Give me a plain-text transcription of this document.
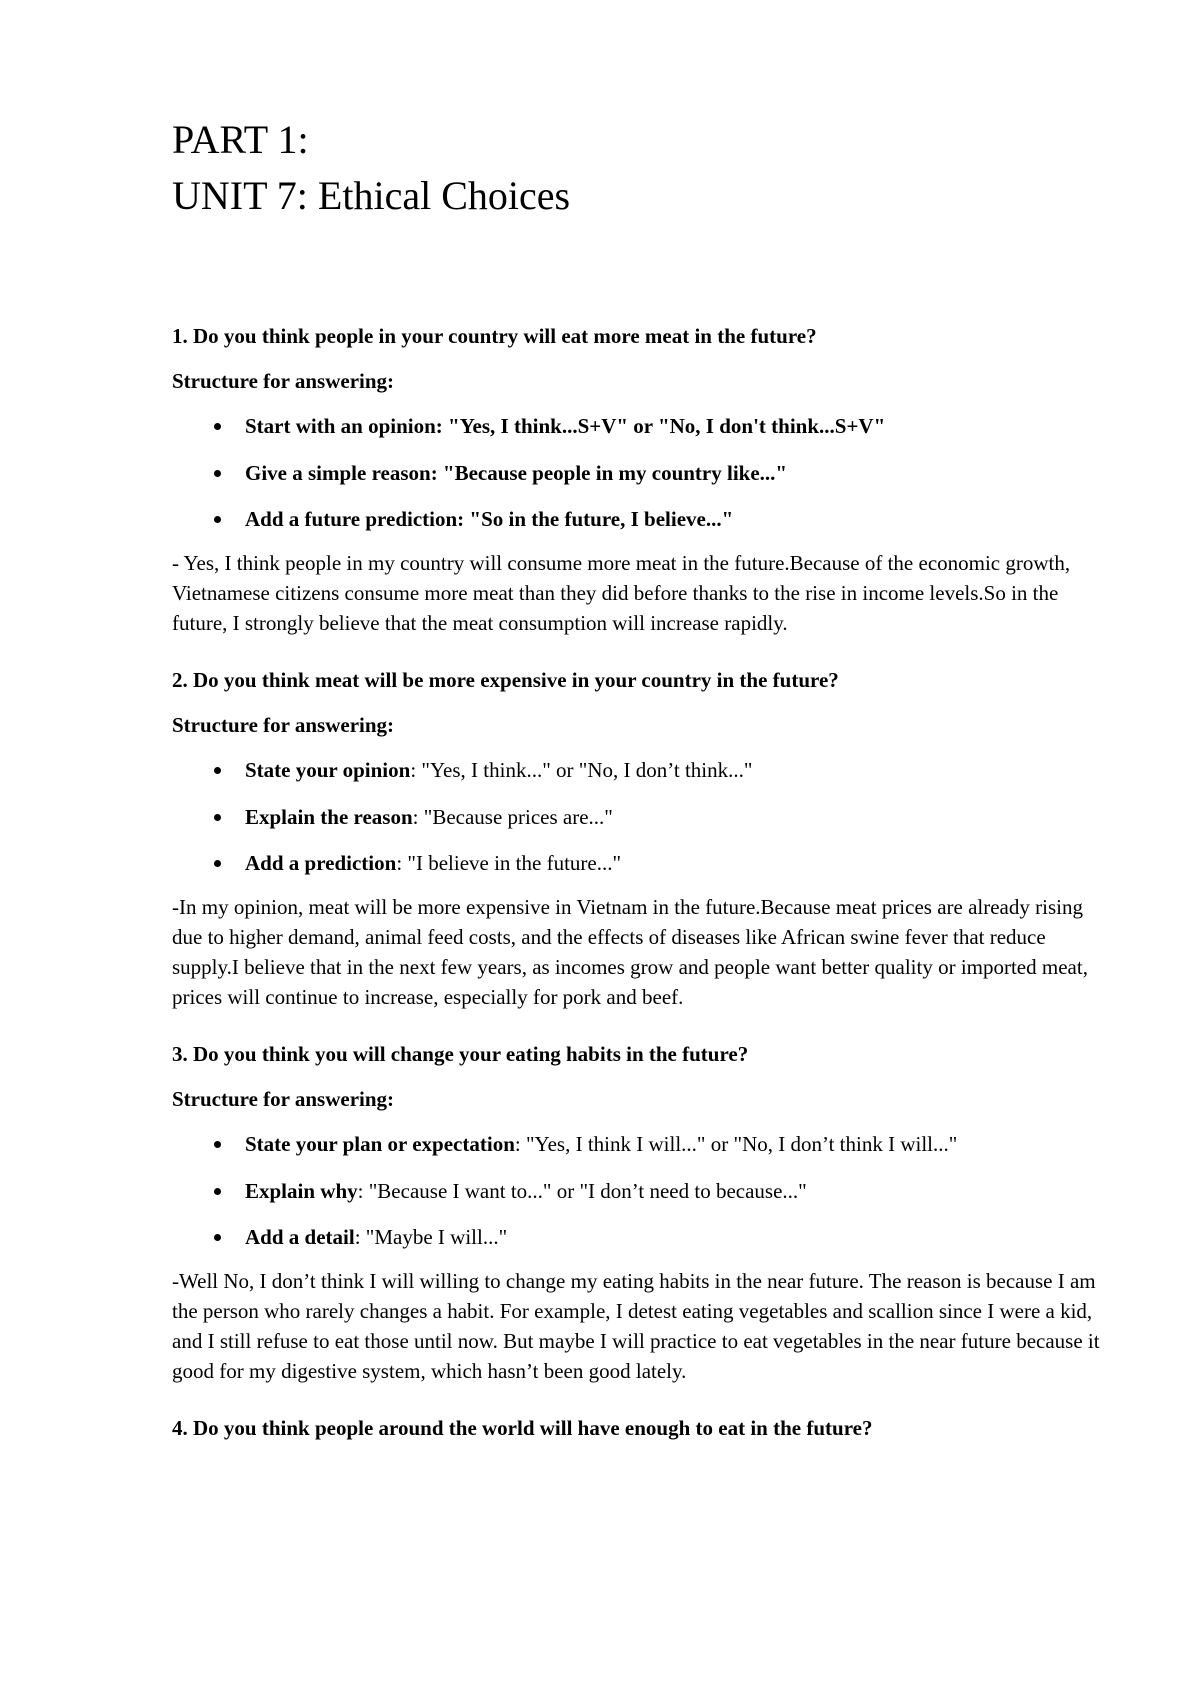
PART 1:
UNIT 7: Ethical Choices

1. Do you think people in your country will eat more meat in the future?

Structure for answering:

Start with an opinion: "Yes, I think...S+V" or "No, I don't think...S+V"
Give a simple reason: "Because people in my country like..."
Add a future prediction: "So in the future, I believe..."

- Yes, I think people in my country will consume more meat in the future.Because of the economic growth, Vietnamese citizens consume more meat than they did before thanks to the rise in income levels.So in the future, I strongly believe that the meat consumption will increase rapidly.

2. Do you think meat will be more expensive in your country in the future?

Structure for answering:

State your opinion: "Yes, I think..." or "No, I don’t think..."
Explain the reason: "Because prices are..."
Add a prediction: "I believe in the future..."

-In my opinion, meat will be more expensive in Vietnam in the future.Because meat prices are already rising due to higher demand, animal feed costs, and the effects of diseases like African swine fever that reduce supply.I believe that in the next few years, as incomes grow and people want better quality or imported meat, prices will continue to increase, especially for pork and beef.

3. Do you think you will change your eating habits in the future?

Structure for answering:

State your plan or expectation: "Yes, I think I will..." or "No, I don’t think I will..."
Explain why: "Because I want to..." or "I don’t need to because..."
Add a detail: "Maybe I will..."

-Well No, I don’t think I will willing to change my eating habits in the near future. The reason is because I am the person who rarely changes a habit. For example, I detest eating vegetables and scallion since I were a kid, and I still refuse to eat those until now. But maybe I will practice to eat vegetables in the near future because it good for my digestive system, which hasn’t been good lately.

4. Do you think people around the world will have enough to eat in the future?
